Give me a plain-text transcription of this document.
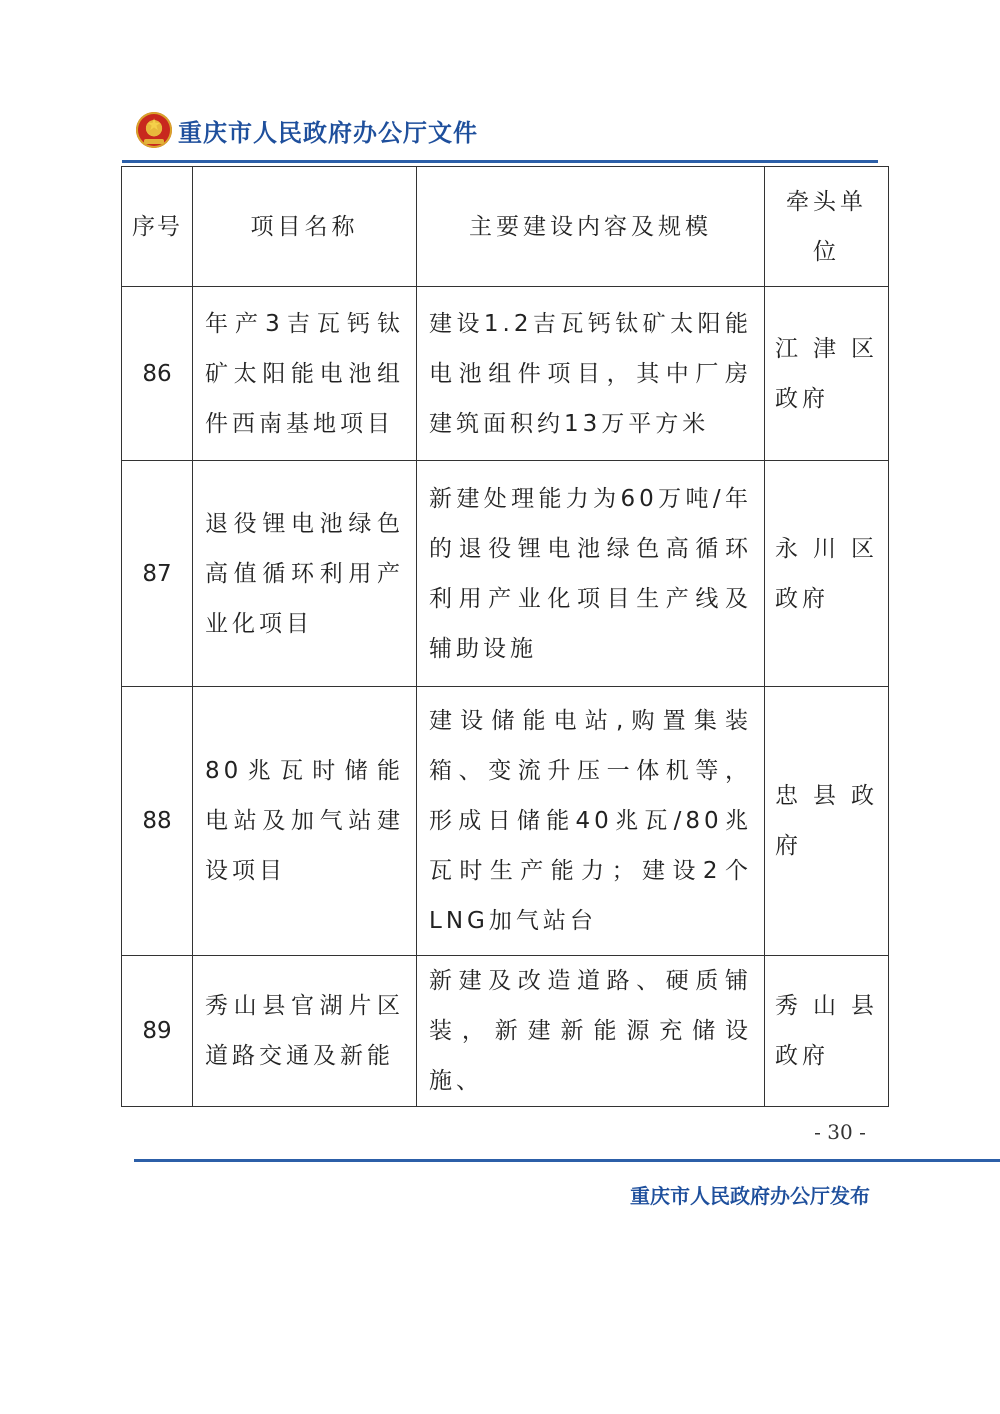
★ 重庆市人民政府办公厅文件
序号	项目名称	主要建设内容及规模	牵头单位
86	年产3吉瓦钙钛矿太阳能电池组件西南基地项目	建设1.2吉瓦钙钛矿太阳能电池组件项目，其中厂房建筑面积约13万平方米	江津区政府
87	退役锂电池绿色高值循环利用产业化项目	新建处理能力为60万吨/年的退役锂电池绿色高循环利用产业化项目生产线及辅助设施	永川区政府
88	80兆瓦时储能电站及加气站建设项目	建设储能电站,购置集装箱、变流升压一体机等，形成日储能40兆瓦/80兆瓦时生产能力；建设2个LNG加气站台	忠县政府
89	秀山县官湖片区道路交通及新能	新建及改造道路、硬质铺装，新建新能源充储设施、	秀山县政府
- 30 -
重庆市人民政府办公厅发布
